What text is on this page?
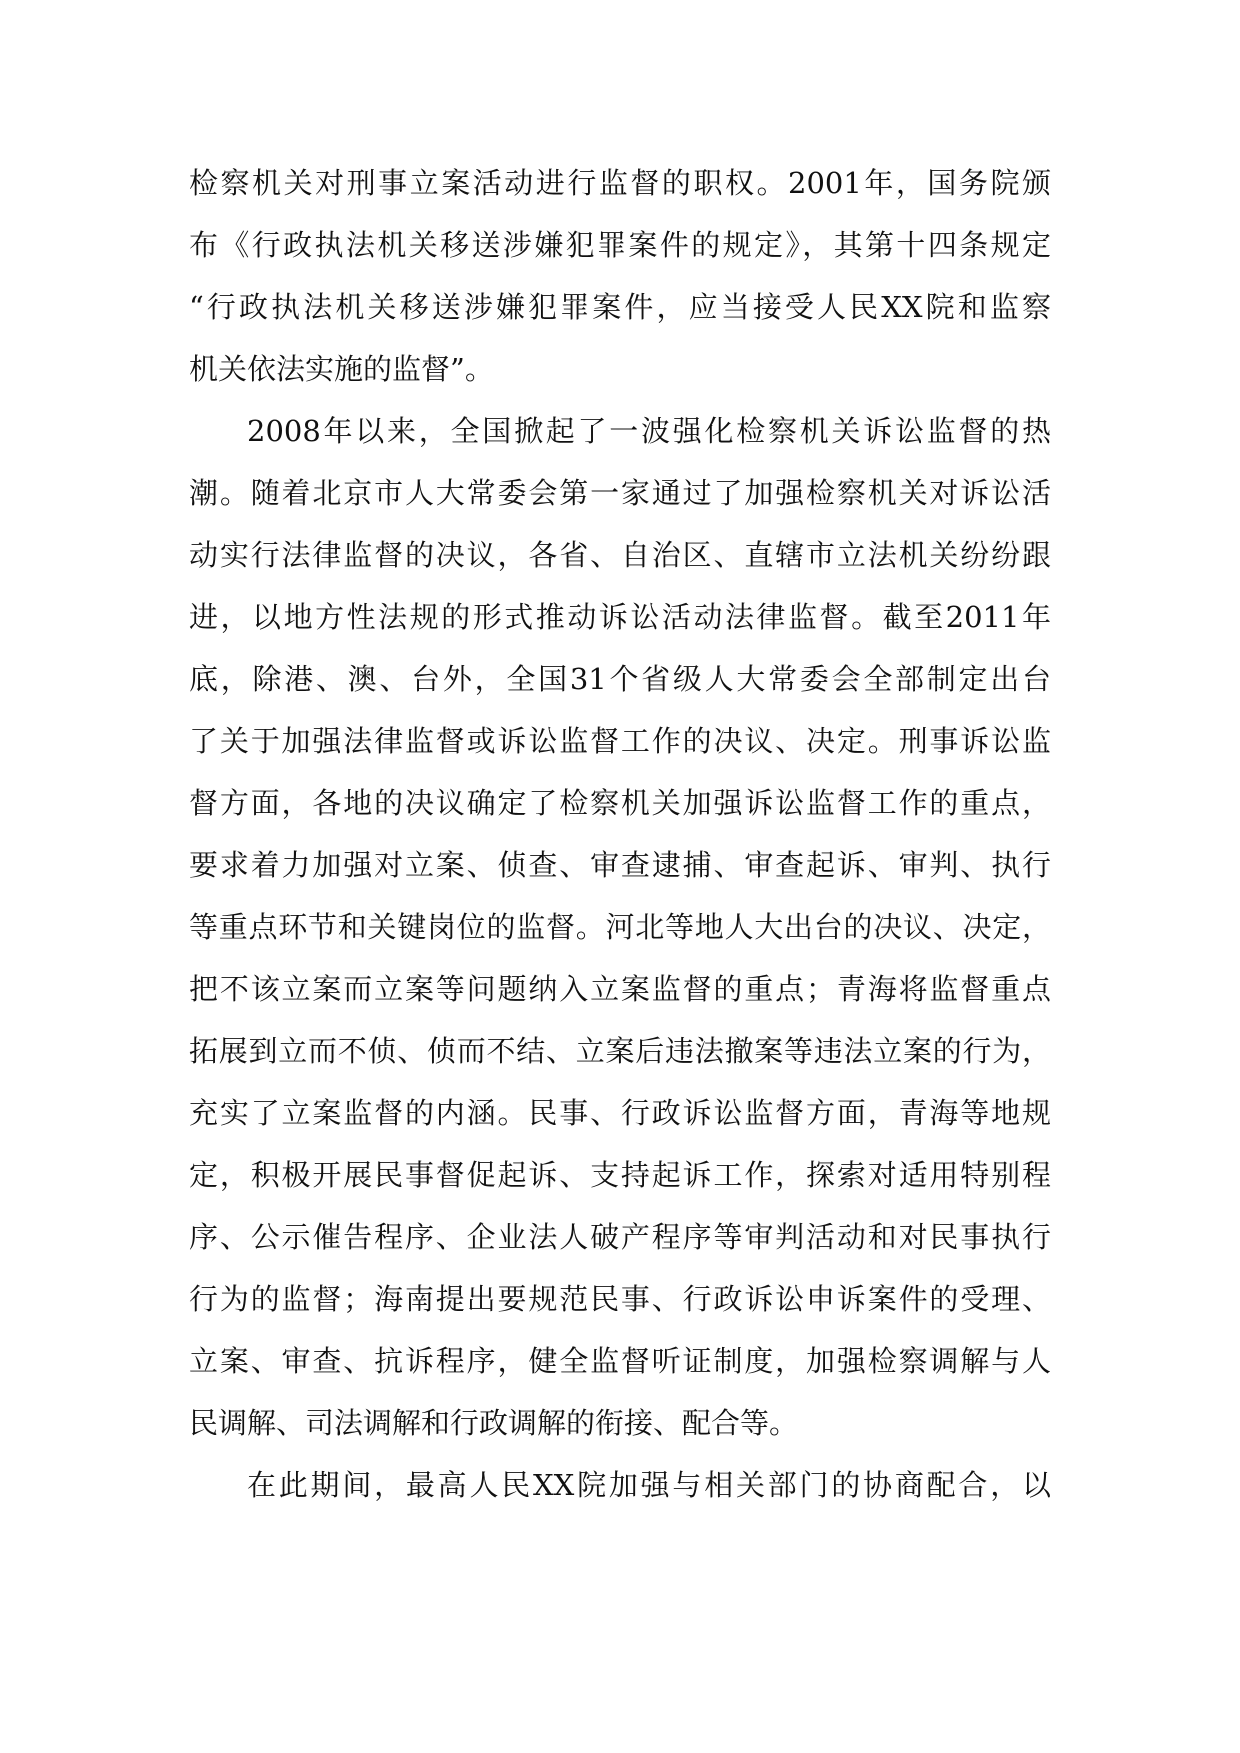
检察机关对刑事立案活动进行监督的职权。2001年，国务院颁
布《行政执法机关移送涉嫌犯罪案件的规定》，其第十四条规定
“行政执法机关移送涉嫌犯罪案件，应当接受人民XX院和监察
机关依法实施的监督”。
2008年以来，全国掀起了一波强化检察机关诉讼监督的热
潮。随着北京市人大常委会第一家通过了加强检察机关对诉讼活
动实行法律监督的决议，各省、自治区、直辖市立法机关纷纷跟
进，以地方性法规的形式推动诉讼活动法律监督。截至2011年
底，除港、澳、台外，全国31个省级人大常委会全部制定出台
了关于加强法律监督或诉讼监督工作的决议、决定。刑事诉讼监
督方面，各地的决议确定了检察机关加强诉讼监督工作的重点，
要求着力加强对立案、侦查、审查逮捕、审查起诉、审判、执行
等重点环节和关键岗位的监督。河北等地人大出台的决议、决定，
把不该立案而立案等问题纳入立案监督的重点；青海将监督重点
拓展到立而不侦、侦而不结、立案后违法撤案等违法立案的行为，
充实了立案监督的内涵。民事、行政诉讼监督方面，青海等地规
定，积极开展民事督促起诉、支持起诉工作，探索对适用特别程
序、公示催告程序、企业法人破产程序等审判活动和对民事执行
行为的监督；海南提出要规范民事、行政诉讼申诉案件的受理、
立案、审查、抗诉程序，健全监督听证制度，加强检察调解与人
民调解、司法调解和行政调解的衔接、配合等。
在此期间，最高人民XX院加强与相关部门的协商配合，以
